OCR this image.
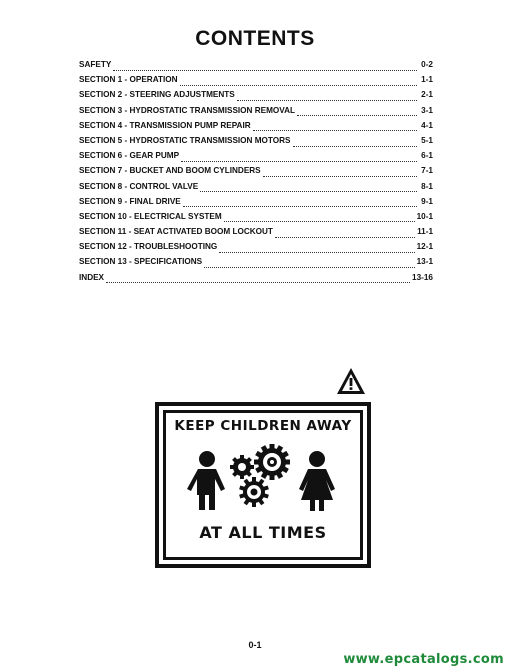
CONTENTS
SAFETY	0-2
SECTION 1 - OPERATION	1-1
SECTION 2 - STEERING ADJUSTMENTS	2-1
SECTION 3 - HYDROSTATIC TRANSMISSION REMOVAL	3-1
SECTION 4 - TRANSMISSION PUMP REPAIR	4-1
SECTION 5 - HYDROSTATIC TRANSMISSION MOTORS	5-1
SECTION 6 - GEAR PUMP	6-1
SECTION 7 - BUCKET AND BOOM CYLINDERS	7-1
SECTION 8 - CONTROL VALVE	8-1
SECTION 9 - FINAL DRIVE	9-1
SECTION 10 - ELECTRICAL SYSTEM	10-1
SECTION 11 - SEAT ACTIVATED BOOM LOCKOUT	11-1
SECTION 12 - TROUBLESHOOTING	12-1
SECTION 13 - SPECIFICATIONS	13-1
INDEX	13-16
KEEP CHILDREN AWAY
AT ALL TIMES
0-1
www.epcatalogs.com
